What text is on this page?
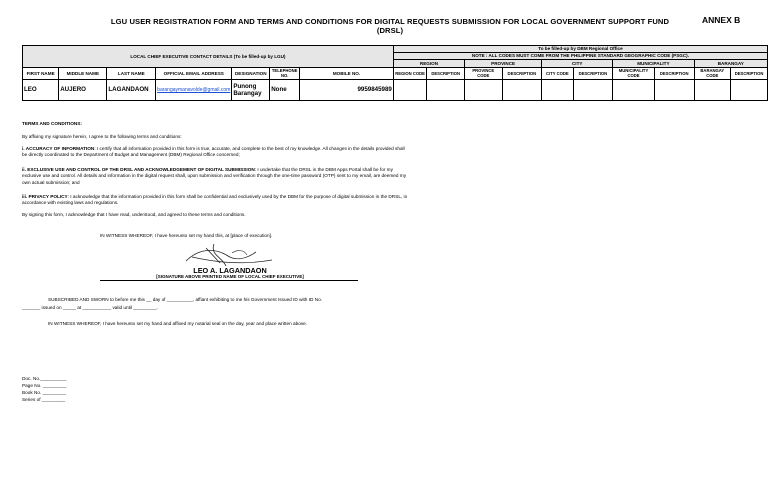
LGU USER REGISTRATION FORM AND TERMS AND CONDITIONS FOR DIGITAL REQUESTS SUBMISSION FOR LOCAL GOVERNMENT SUPPORT FUND (DRSL)
ANNEX B
LOCAL CHIEF EXECUTIVE CONTACT DETAILS (To be filled-up by LGU)							To be filled-up by DBM Regional Office									
							NOTE : ALL CODES MUST COME FROM THE PHILIPPINE STANDARD GEOGRAPHIC CODE (PSGC).									
							REGION		PROVINCE		CITY		MUNICIPALITY		BARANGAY	
FIRST NAME	MIDDLE NAME	LAST NAME	OFFICIAL EMAIL ADDRESS	DESIGNATION	TELEPHONE NO.	MOBILE NO.	REGION CODE	DESCRIPTION	PROVINCE CODE	DESCRIPTION	CITY CODE	DESCRIPTION	MUNICIPALITY CODE	DESCRIPTION	BARANGAY CODE	DESCRIPTION

LEO	AUJERO	LAGANDAON	barangaymanavolde@gmail.com	Punong Barangay	None	9959845989										
TERMS AND CONDITIONS:
By affixing my signature herein, I agree to the following terms and conditions:
i. ACCURACY OF INFORMATION: I certify that all information provided in this form is true, accurate, and complete to the best of my knowledge. All changes in the details provided shall be directly coordinated to the Department of Budget and Management (DBM) Regional Office concerned;
ii. EXCLUSIVE USE AND CONTROL OF THE DRSL AND ACKNOWLEDGEMENT OF DIGITAL SUBMISSION: I undertake that the DRSL in the DBM Apps Portal shall be for my exclusive use and control. All details and information in the digital request shall, upon submission and verification through the one-time password (OTP) sent to my email, are deemed my own actual submission; and
iii. PRIVACY POLICY: I acknowledge that the information provided in this form shall be confidential and exclusively used by the DBM for the purpose of digital submission in the DRSL, in accordance with existing laws and regulations.
By signing this form, I acknowledge that I have read, understood, and agreed to these terms and conditions.
IN WITNESS WHEREOF, I have hereunto set my hand this, at [place of execution].
LEO A. LAGANDAON
[SIGNATURE ABOVE PRINTED NAME OF LOCAL CHIEF EXECUTIVE]
SUBSCRIBED AND SWORN to before me this __ day of __________, affiant exhibiting to me his Government Issued ID with ID No.
_______ issued on _____ at ___________ valid until _________.
IN WITNESS WHEREOF, I have hereunto set my hand and affixed my notarial seal on the day, year and place written above.
Doc. No.__________
Page No. _________
Book No. _________
Series of _________
